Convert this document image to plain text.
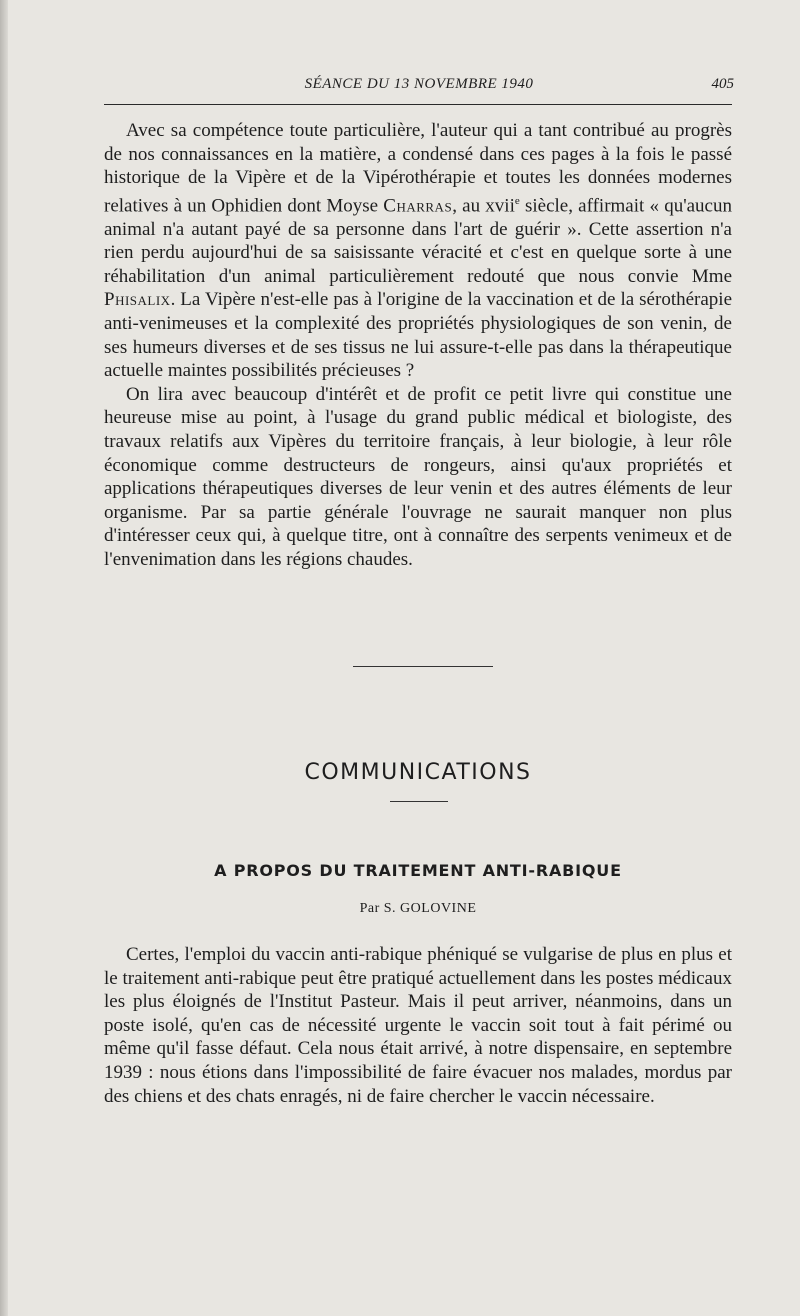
SÉANCE DU 13 NOVEMBRE 1940	405

Avec sa compétence toute particulière, l'auteur qui a tant contribué au progrès de nos connaissances en la matière, a condensé dans ces pages à la fois le passé historique de la Vipère et de la Vipérothérapie et toutes les données modernes relatives à un Ophidien dont Moyse Charras, au xvii$^e$ siècle, affirmait « qu'aucun animal n'a autant payé de sa personne dans l'art de guérir ». Cette assertion n'a rien perdu aujourd'hui de sa saisissante véracité et c'est en quelque sorte à une réhabilitation d'un animal particulièrement redouté que nous convie Mme Phisalix. La Vipère n'est-elle pas à l'origine de la vaccination et de la sérothérapie anti-venimeuses et la complexité des propriétés physiologiques de son venin, de ses humeurs diverses et de ses tissus ne lui assure-t-elle pas dans la thérapeutique actuelle maintes possibilités précieuses ?

On lira avec beaucoup d'intérêt et de profit ce petit livre qui constitue une heureuse mise au point, à l'usage du grand public médical et biologiste, des travaux relatifs aux Vipères du territoire français, à leur biologie, à leur rôle économique comme destructeurs de rongeurs, ainsi qu'aux propriétés et applications thérapeutiques diverses de leur venin et des autres éléments de leur organisme. Par sa partie générale l'ouvrage ne saurait manquer non plus d'intéresser ceux qui, à quelque titre, ont à connaître des serpents venimeux et de l'envenimation dans les régions chaudes.

COMMUNICATIONS
A PROPOS DU TRAITEMENT ANTI-RABIQUE
Par S. GOLOVINE

Certes, l'emploi du vaccin anti-rabique phéniqué se vulgarise de plus en plus et le traitement anti-rabique peut être pratiqué actuellement dans les postes médicaux les plus éloignés de l'Institut Pasteur. Mais il peut arriver, néanmoins, dans un poste isolé, qu'en cas de nécessité urgente le vaccin soit tout à fait périmé ou même qu'il fasse défaut. Cela nous était arrivé, à notre dispensaire, en septembre 1939 : nous étions dans l'impossibilité de faire évacuer nos malades, mordus par des chiens et des chats enragés, ni de faire chercher le vaccin nécessaire.
